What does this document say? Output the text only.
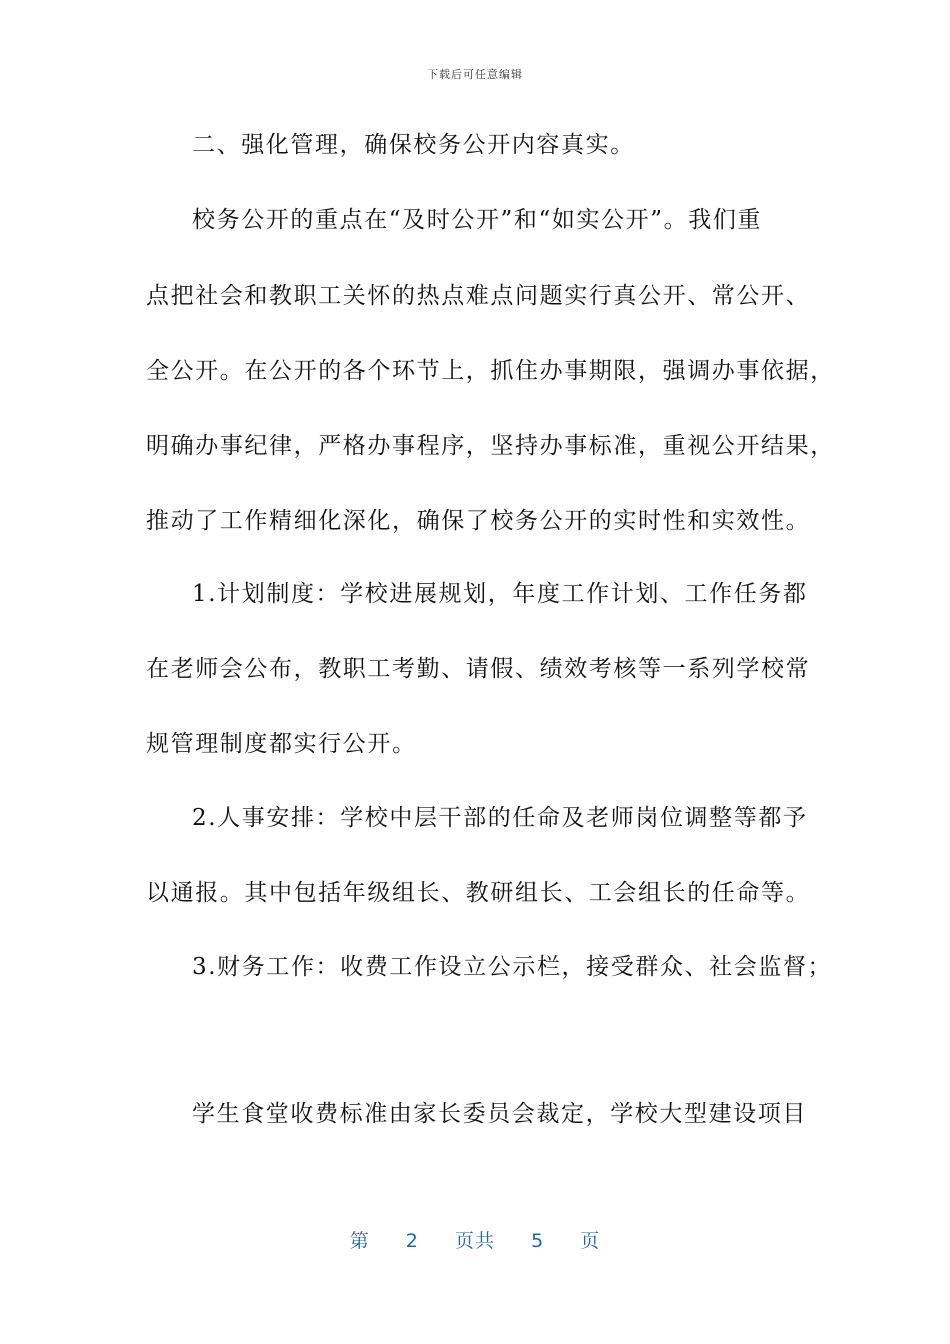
下载后可任意编辑
二、强化管理，确保校务公开内容真实。
校务公开的重点在“及时公开”和“如实公开”。我们重
点把社会和教职工关怀的热点难点问题实行真公开、常公开、
全公开。在公开的各个环节上，抓住办事期限，强调办事依据，
明确办事纪律，严格办事程序，坚持办事标准，重视公开结果，
推动了工作精细化深化，确保了校务公开的实时性和实效性。
1.计划制度：学校进展规划，年度工作计划、工作任务都
在老师会公布，教职工考勤、请假、绩效考核等一系列学校常
规管理制度都实行公开。
2.人事安排：学校中层干部的任命及老师岗位调整等都予
以通报。其中包括年级组长、教研组长、工会组长的任命等。
3.财务工作：收费工作设立公示栏，接受群众、社会监督；
学生食堂收费标准由家长委员会裁定，学校大型建设项目
第 2 页共 5 页
